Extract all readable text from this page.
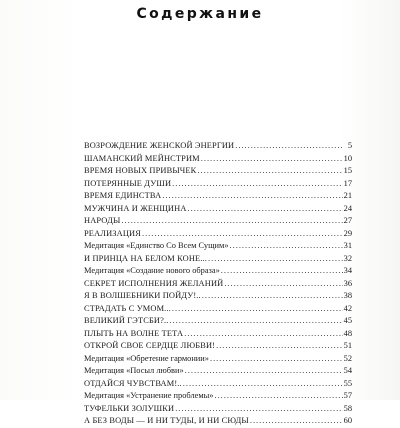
Содержание
ВОЗРОЖДЕНИЕ ЖЕНСКОЙ ЭНЕРГИИ .....	5
ШАМАНСКИЙ МЕЙНСТРИМ .....	10
ВРЕМЯ НОВЫХ ПРИВЫЧЕК .....	15
ПОТЕРЯННЫЕ ДУШИ .....	17
ВРЕМЯ ЕДИНСТВА .....	21
МУЖЧИНА И ЖЕНЩИНА .....	24
НАРОДЫ .....	27
РЕАЛИЗАЦИЯ .....	29
Медитация «Единство Со Всем Сущим» .....	31
И ПРИНЦА НА БЕЛОМ КОНЕ... .....	32
Медитация «Создание нового образа» .....	34
СЕКРЕТ ИСПОЛНЕНИЯ ЖЕЛАНИЙ .....	36
Я В ВОЛШЕБНИКИ ПОЙДУ!.. .....	38
СТРАДАТЬ С УМОМ... .....	42
ВЕЛИКИЙ ГЭТСБИ?.. .....	45
ПЛЫТЬ НА ВОЛНЕ ТЕТА .....	48
ОТКРОЙ СВОЕ СЕРДЦЕ ЛЮБВИ! .....	51
Медитация «Обретение гармонии» .....	52
Медитация «Посыл любви» .....	54
ОТДАЙСЯ ЧУВСТВАМ!.. .....	55
Медитация «Устранение проблемы» .....	57
ТУФЕЛЬКИ ЗОЛУШКИ .....	58
А БЕЗ ВОДЫ — И НИ ТУДЫ, И НИ СЮДЫ .....	60
